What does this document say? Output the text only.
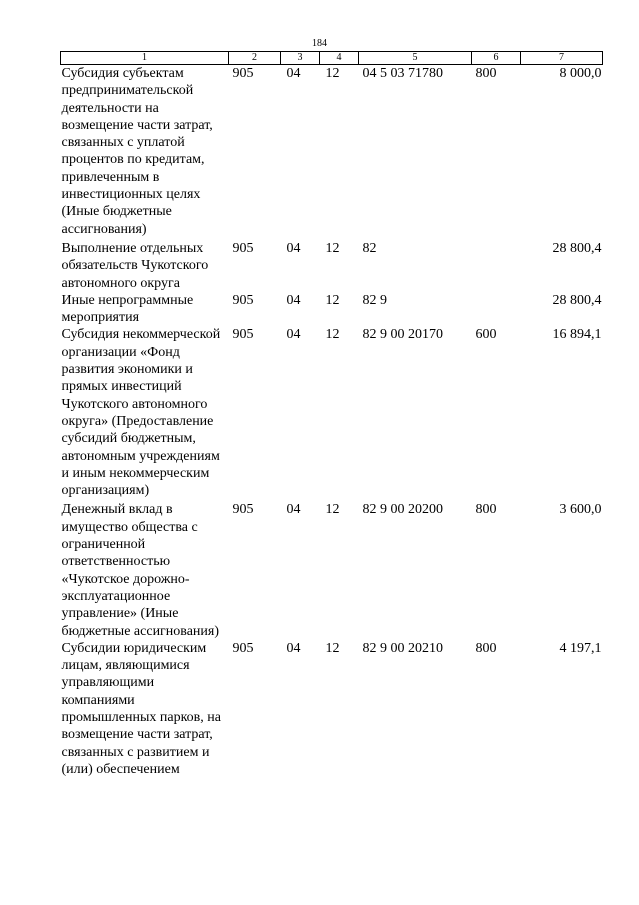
184
1	2	3	4	5	6	7
Субсидия субъектам предпринимательской деятельности на возмещение части затрат, связанных с уплатой процентов по кредитам, привлеченным в инвестиционных целях (Иные бюджетные ассигнования)	905	04	12	04 5 03 71780	800	8 000,0
Выполнение отдельных обязательств Чукотского автономного округа	905	04	12	82		28 800,4
Иные непрограммные мероприятия	905	04	12	82 9		28 800,4
Субсидия некоммерческой организации «Фонд развития экономики и прямых инвестиций Чукотского автономного округа» (Предоставление субсидий бюджетным, автономным учреждениям и иным некоммерческим организациям)	905	04	12	82 9 00 20170	600	16 894,1
Денежный вклад в имущество общества с ограниченной ответственностью «Чукотское дорожно-эксплуатационное управление» (Иные бюджетные ассигнования)	905	04	12	82 9 00 20200	800	3 600,0
Субсидии юридическим лицам, являющимися управляющими компаниями промышленных парков, на возмещение части затрат, связанных с развитием и (или) обеспечением	905	04	12	82 9 00 20210	800	4 197,1
